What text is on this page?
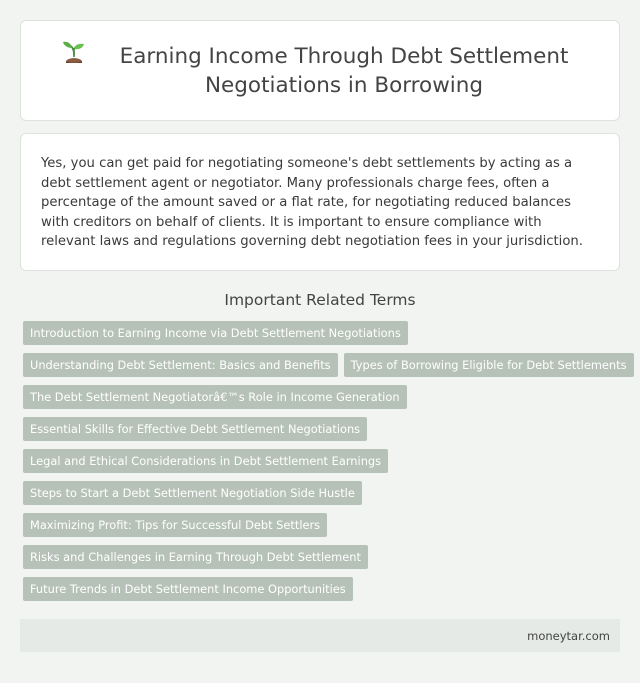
Earning Income Through Debt Settlement Negotiations in Borrowing

Yes, you can get paid for negotiating someone's debt settlements by acting as a debt settlement agent or negotiator. Many professionals charge fees, often a percentage of the amount saved or a flat rate, for negotiating reduced balances with creditors on behalf of clients. It is important to ensure compliance with relevant laws and regulations governing debt negotiation fees in your jurisdiction.

Important Related Terms
Introduction to Earning Income via Debt Settlement Negotiations
Understanding Debt Settlement: Basics and Benefits	Types of Borrowing Eligible for Debt Settlements
The Debt Settlement Negotiatorâ€™s Role in Income Generation
Essential Skills for Effective Debt Settlement Negotiations
Legal and Ethical Considerations in Debt Settlement Earnings
Steps to Start a Debt Settlement Negotiation Side Hustle
Maximizing Profit: Tips for Successful Debt Settlers
Risks and Challenges in Earning Through Debt Settlement
Future Trends in Debt Settlement Income Opportunities
moneytar.com
